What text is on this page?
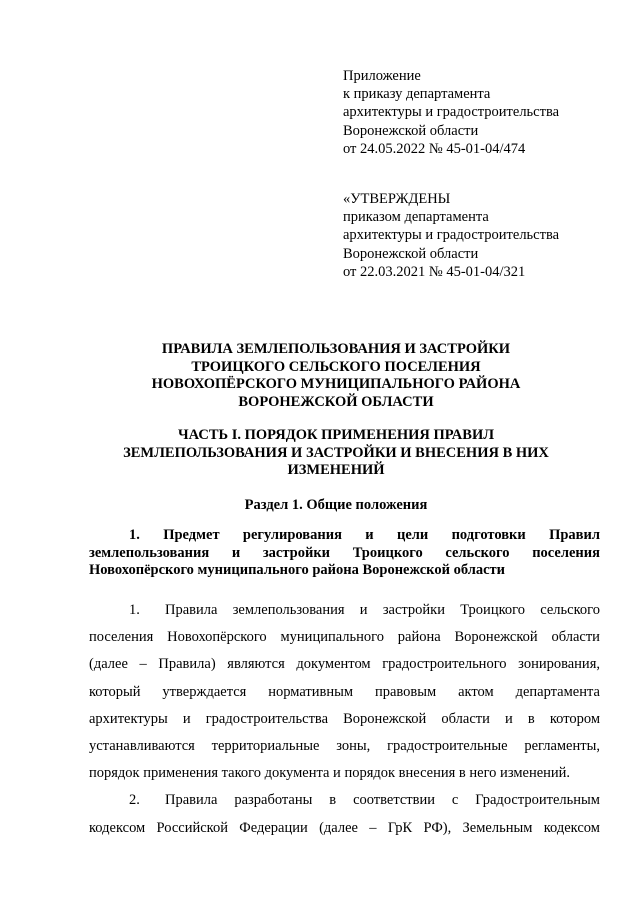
Приложение
к приказу департамента
архитектуры и градостроительства
Воронежской области
от 24.05.2022 № 45-01-04/474
«УТВЕРЖДЕНЫ
приказом департамента
архитектуры и градостроительства
Воронежской области
от 22.03.2021 № 45-01-04/321
ПРАВИЛА ЗЕМЛЕПОЛЬЗОВАНИЯ И ЗАСТРОЙКИ
ТРОИЦКОГО СЕЛЬСКОГО ПОСЕЛЕНИЯ
НОВОХОПЁРСКОГО МУНИЦИПАЛЬНОГО РАЙОНА
ВОРОНЕЖСКОЙ ОБЛАСТИ
ЧАСТЬ I. ПОРЯДОК ПРИМЕНЕНИЯ ПРАВИЛ
ЗЕМЛЕПОЛЬЗОВАНИЯ И ЗАСТРОЙКИ И ВНЕСЕНИЯ В НИХ
ИЗМЕНЕНИЙ
Раздел 1. Общие положения
1. Предмет регулирования и цели подготовки Правил
землепользования и застройки Троицкого сельского поселения
Новохопёрского муниципального района Воронежской области
1. Правила землепользования и застройки Троицкого сельского
поселения Новохопёрского муниципального района Воронежской области
(далее – Правила) являются документом градостроительного зонирования,
который утверждается нормативным правовым актом департамента
архитектуры и градостроительства Воронежской области и в котором
устанавливаются территориальные зоны, градостроительные регламенты,
порядок применения такого документа и порядок внесения в него изменений.
2. Правила разработаны в соответствии с Градостроительным
кодексом Российской Федерации (далее – ГрК РФ), Земельным кодексом
